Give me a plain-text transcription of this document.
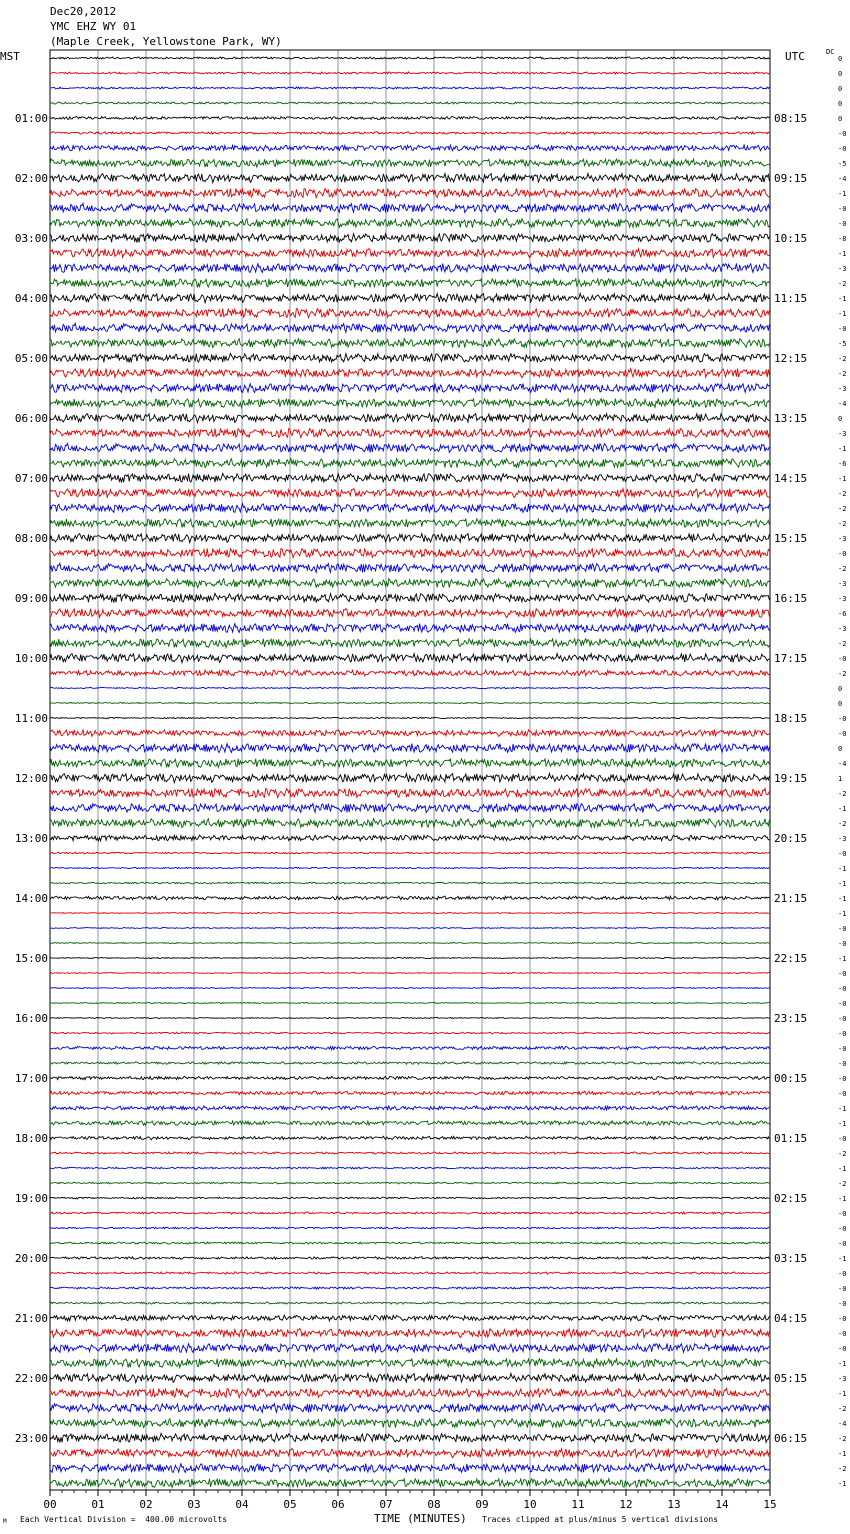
Dec20,2012
YMC EHZ WY 01
(Maple Creek, Yellowstone Park, WY)
MST	UTC	DC
0
0
0
0
0
-0
-0
-5
-4
-1
-0
-0
-8
-1
-3
-2
-1
-1
-0
-5
-2
-2
-3
-4
0
-3
-1
-6
-1
-2
-2
-2
-3
-0
-2
-3
-3
-6
-3
-2
-0
-2
0
0
-0
-0
0
-4
1
-2
-1
-2
-3
-0
-1
-1
-1
-1
-0
-0
-1
-0
-0
-0
-0
-0
-0
-0
-0
-0
-1
-1
-0
-2
-1
-2
-1
-0
-0
-0
-1
-0
-0
-0
-0
-0
-0
-1
-3
-1
-2
-4
-2
-1
-2
-1
01:00
02:00
03:00
04:00
05:00
06:00
07:00
08:00
09:00
10:00
11:00
12:00
13:00
14:00
15:00
16:00
17:00
18:00
19:00
20:00
21:00
22:00
23:00
08:15
09:15
10:15
11:15
12:15
13:15
14:15
15:15
16:15
17:15
18:15
19:15
20:15
21:15
22:15
23:15
00:15
01:15
02:15
03:15
04:15
05:15
06:15
00	01	02	03	04	05	06	07	08	09	10	11	12	13	14	15
M Each Vertical Division =  400.00 microvolts	TIME (MINUTES) Traces clipped at plus/minus 5 vertical divisions
